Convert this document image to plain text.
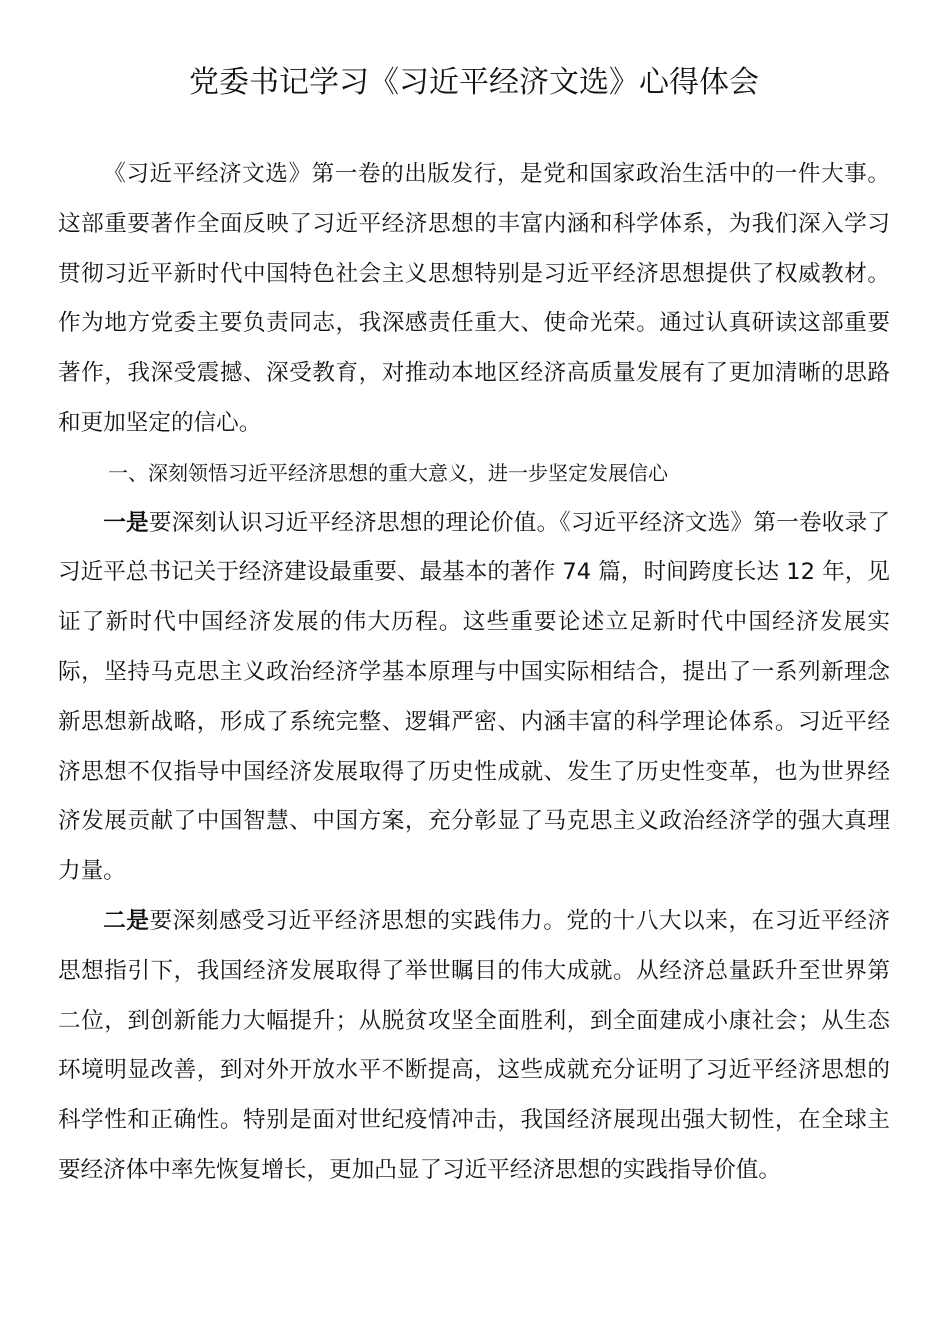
党委书记学习《习近平经济文选》心得体会

《习近平经济文选》第一卷的出版发行，是党和国家政治生活中的一件大事。这部重要著作全面反映了习近平经济思想的丰富内涵和科学体系，为我们深入学习贯彻习近平新时代中国特色社会主义思想特别是习近平经济思想提供了权威教材。作为地方党委主要负责同志，我深感责任重大、使命光荣。通过认真研读这部重要著作，我深受震撼、深受教育，对推动本地区经济高质量发展有了更加清晰的思路和更加坚定的信心。

一、深刻领悟习近平经济思想的重大意义，进一步坚定发展信心

一是要深刻认识习近平经济思想的理论价值。《习近平经济文选》第一卷收录了习近平总书记关于经济建设最重要、最基本的著作 74 篇，时间跨度长达 12 年，见证了新时代中国经济发展的伟大历程。这些重要论述立足新时代中国经济发展实际，坚持马克思主义政治经济学基本原理与中国实际相结合，提出了一系列新理念新思想新战略，形成了系统完整、逻辑严密、内涵丰富的科学理论体系。习近平经济思想不仅指导中国经济发展取得了历史性成就、发生了历史性变革，也为世界经济发展贡献了中国智慧、中国方案，充分彰显了马克思主义政治经济学的强大真理力量。

二是要深刻感受习近平经济思想的实践伟力。党的十八大以来，在习近平经济思想指引下，我国经济发展取得了举世瞩目的伟大成就。从经济总量跃升至世界第二位，到创新能力大幅提升；从脱贫攻坚全面胜利，到全面建成小康社会；从生态环境明显改善，到对外开放水平不断提高，这些成就充分证明了习近平经济思想的科学性和正确性。特别是面对世纪疫情冲击，我国经济展现出强大韧性，在全球主要经济体中率先恢复增长，更加凸显了习近平经济思想的实践指导价值。
